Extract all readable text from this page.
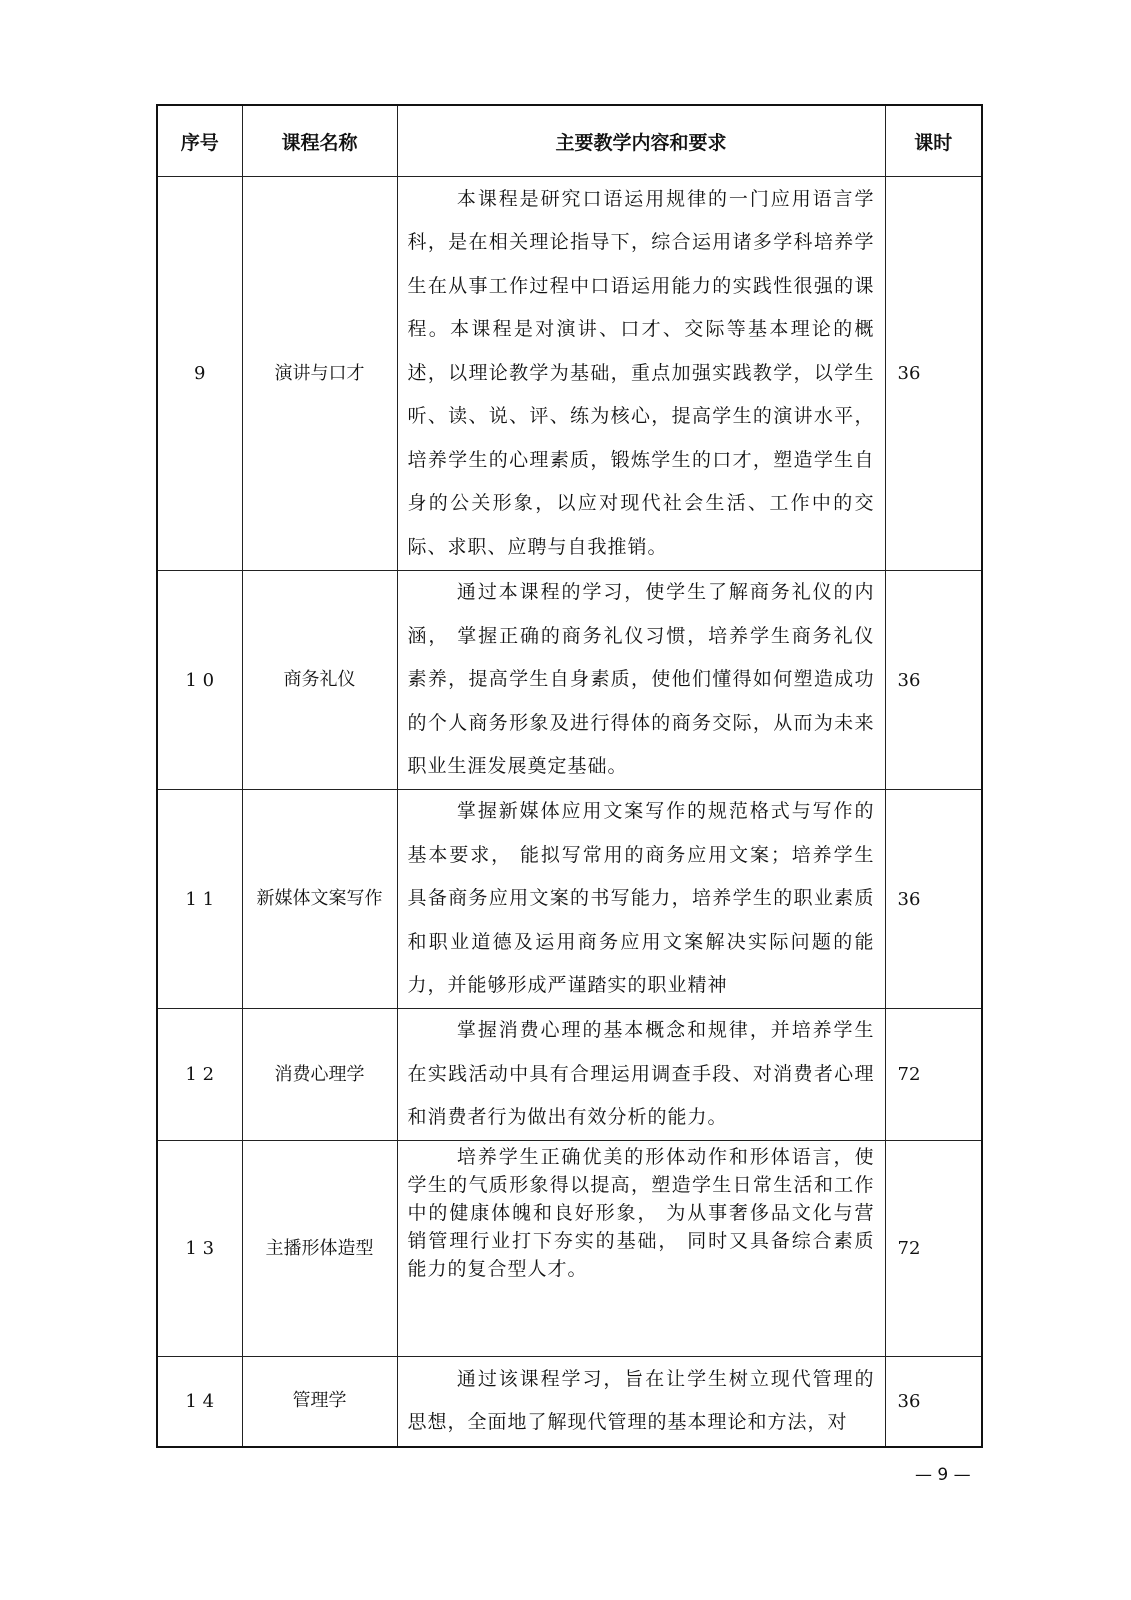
序号	课程名称	主要教学内容和要求	课时
9	演讲与口才	本课程是研究口语运用规律的一门应用语言学科，是在相关理论指导下，综合运用诸多学科培养学生在从事工作过程中口语运用能力的实践性很强的课程。本课程是对演讲、口才、交际等基本理论的概述，以理论教学为基础，重点加强实践教学，以学生听、读、说、评、练为核心，提高学生的演讲水平，培养学生的心理素质，锻炼学生的口才，塑造学生自身的公关形象，以应对现代社会生活、工作中的交际、求职、应聘与自我推销。	36
1 0	商务礼仪	通过本课程的学习，使学生了解商务礼仪的内涵， 掌握正确的商务礼仪习惯，培养学生商务礼仪素养，提高学生自身素质，使他们懂得如何塑造成功的个人商务形象及进行得体的商务交际，从而为未来职业生涯发展奠定基础。	36
1 1	新媒体文案写作	掌握新媒体应用文案写作的规范格式与写作的基本要求， 能拟写常用的商务应用文案；培养学生具备商务应用文案的书写能力，培养学生的职业素质和职业道德及运用商务应用文案解决实际问题的能力，并能够形成严谨踏实的职业精神	36
1 2	消费心理学	掌握消费心理的基本概念和规律，并培养学生在实践活动中具有合理运用调查手段、对消费者心理和消费者行为做出有效分析的能力。	72
1 3	主播形体造型	培养学生正确优美的形体动作和形体语言，使学生的气质形象得以提高，塑造学生日常生活和工作中的健康体魄和良好形象， 为从事奢侈品文化与营销管理行业打下夯实的基础， 同时又具备综合素质能力的复合型人才。	72
1 4	管理学	通过该课程学习，旨在让学生树立现代管理的思想，全面地了解现代管理的基本理论和方法，对	36
— 9 —
